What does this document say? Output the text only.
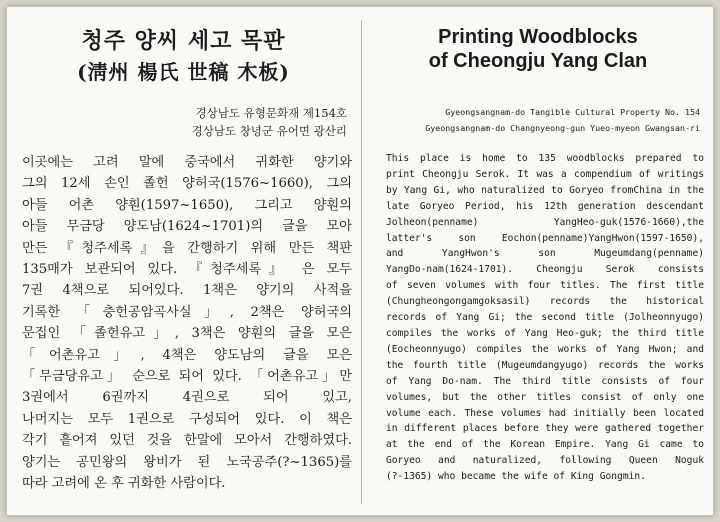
청주 양씨 세고 목판
(淸州 楊氏 世稿 木板)
경상남도 유형문화재 제154호
경상남도 창녕군 유어면 광산리
이곳에는 고려 말에 중국에서 귀화한 양기와
그의 12세 손인 졸헌 양허국(1576~1660), 그의
아들 어촌 양훤(1597~1650), 그리고 양훤의
아들 무금당 양도남(1624~1701)의 글을 모아
만든 『청주세록』을 간행하기 위해 만든 책판
135매가 보관되어 있다. 『청주세록』 은 모두
7권 4책으로 되어있다. 1책은 양기의 사적을
기록한 「충헌공암곡사실」, 2책은 양허국의
문집인 「졸헌유고」, 3책은 양훤의 글을 모은
「어촌유고」, 4책은 양도남의 글을 모은
「무금당유고」 순으로 되어 있다. 「어촌유고」만
3권에서 6권까지 4권으로 되어 있고,
나머지는 모두 1권으로 구성되어 있다. 이 책은
각기 흩어져 있던 것을 한말에 모아서 간행하였다.
양기는 공민왕의 왕비가 된 노국공주(?~1365)를
따라 고려에 온 후 귀화한 사람이다.
Printing Woodblocks
of Cheongju Yang Clan
Gyeongsangnam-do Tangible Cultural Property No. 154
Gyeongsangnam-do Changnyeong-gun Yueo-myeon Gwangsan-ri
This place is home to 135 woodblocks prepared to
print Cheongju Serok. It was a compendium of writings
by Yang Gi, who naturalized to Goryeo fromChina in the
late Goryeo Period, his 12th generation descendant
Jolheon(penname) YangHeo-guk(1576-1660),the
latter's son Eochon(penname)YangHwon(1597-1650),
and YangHwon's son Mugeumdang(penname)
YangDo-nam(1624-1701). Cheongju Serok consists
of seven volumes with four titles. The first title
(Chungheongongamgoksasil) records the historical
records of Yang Gi; the second title (Jolheonnyugo)
compiles the works of Yang Heo-guk; the third title
(Eocheonnyugo) compiles the works of Yang Hwon; and
the fourth title (Mugeumdangyugo) records the works
of Yang Do-nam. The third title consists of four
volumes, but the other titles consist of only one
volume each. These volumes had initially been located
in different places before they were gathered together
at the end of the Korean Empire. Yang Gi came to
Goryeo and naturalized, following Queen Noguk
(?-1365) who became the wife of King Gongmin.
